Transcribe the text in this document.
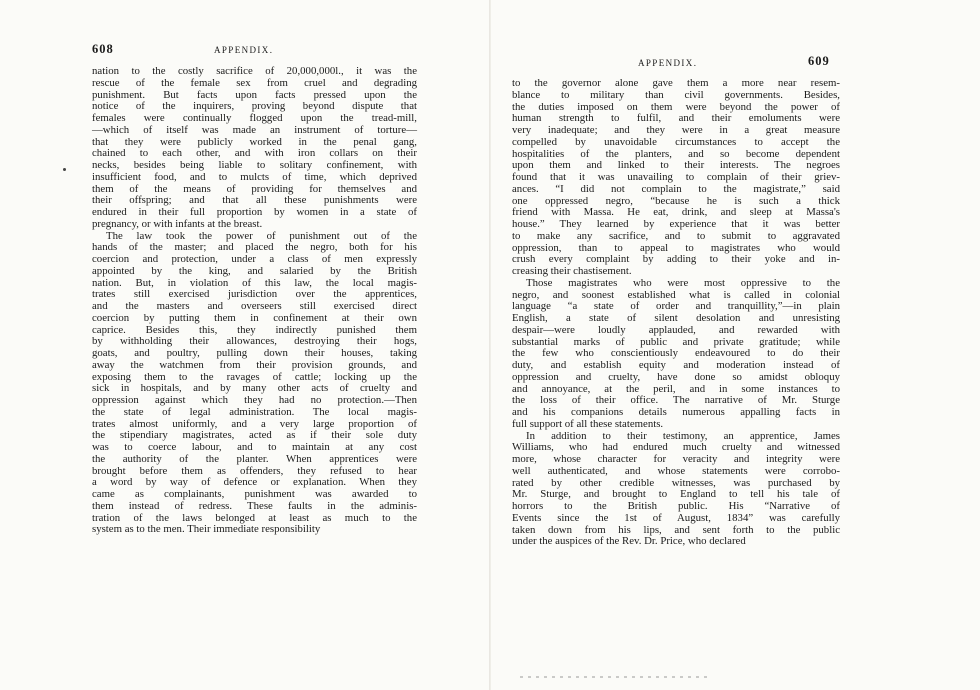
608	APPENDIX.
nation to the costly sacrifice of 20,000,000l., it was the
rescue of the female sex from cruel and degrading
punishment. But facts upon facts pressed upon the
notice of the inquirers, proving beyond dispute that
females were continually flogged upon the tread-mill,
—which of itself was made an instrument of torture—
that they were publicly worked in the penal gang,
chained to each other, and with iron collars on their
necks, besides being liable to solitary confinement, with
insufficient food, and to mulcts of time, which deprived
them of the means of providing for themselves and
their offspring; and that all these punishments were
endured in their full proportion by women in a state of
pregnancy, or with infants at the breast.
The law took the power of punishment out of the
hands of the master; and placed the negro, both for his
coercion and protection, under a class of men expressly
appointed by the king, and salaried by the British
nation. But, in violation of this law, the local magis-
trates still exercised jurisdiction over the apprentices,
and the masters and overseers still exercised direct
coercion by putting them in confinement at their own
caprice. Besides this, they indirectly punished them
by withholding their allowances, destroying their hogs,
goats, and poultry, pulling down their houses, taking
away the watchmen from their provision grounds, and
exposing them to the ravages of cattle; locking up the
sick in hospitals, and by many other acts of cruelty and
oppression against which they had no protection.—Then
the state of legal administration. The local magis-
trates almost uniformly, and a very large proportion of
the stipendiary magistrates, acted as if their sole duty
was to coerce labour, and to maintain at any cost
the authority of the planter. When apprentices were
brought before them as offenders, they refused to hear
a word by way of defence or explanation. When they
came as complainants, punishment was awarded to
them instead of redress. These faults in the adminis-
tration of the laws belonged at least as much to the
system as to the men. Their immediate responsibility
APPENDIX.	609
to the governor alone gave them a more near resem-
blance to military than civil governments. Besides,
the duties imposed on them were beyond the power of
human strength to fulfil, and their emoluments were
very inadequate; and they were in a great measure
compelled by unavoidable circumstances to accept the
hospitalities of the planters, and so become dependent
upon them and linked to their interests. The negroes
found that it was unavailing to complain of their griev-
ances. “I did not complain to the magistrate,” said
one oppressed negro, “because he is such a thick
friend with Massa. He eat, drink, and sleep at Massa's
house.” They learned by experience that it was better
to make any sacrifice, and to submit to aggravated
oppression, than to appeal to magistrates who would
crush every complaint by adding to their yoke and in-
creasing their chastisement.
Those magistrates who were most oppressive to the
negro, and soonest established what is called in colonial
language “a state of order and tranquillity,”—in plain
English, a state of silent desolation and unresisting
despair—were loudly applauded, and rewarded with
substantial marks of public and private gratitude; while
the few who conscientiously endeavoured to do their
duty, and establish equity and moderation instead of
oppression and cruelty, have done so amidst obloquy
and annoyance, at the peril, and in some instances to
the loss of their office. The narrative of Mr. Sturge
and his companions details numerous appalling facts in
full support of all these statements.
In addition to their testimony, an apprentice, James
Williams, who had endured much cruelty and witnessed
more, whose character for veracity and integrity were
well authenticated, and whose statements were corrobo-
rated by other credible witnesses, was purchased by
Mr. Sturge, and brought to England to tell his tale of
horrors to the British public. His “Narrative of
Events since the 1st of August, 1834” was carefully
taken down from his lips, and sent forth to the public
under the auspices of the Rev. Dr. Price, who declared
